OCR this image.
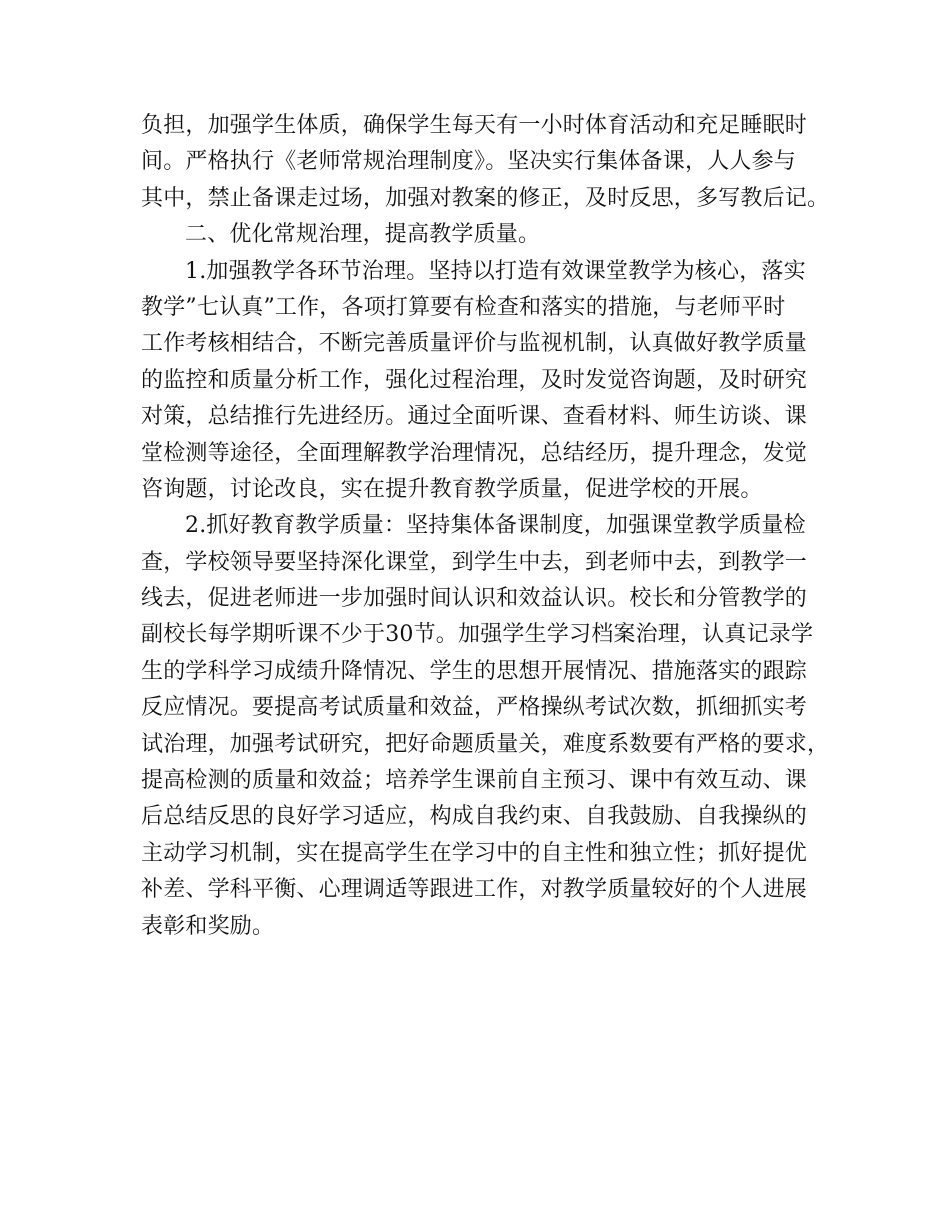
负担，加强学生体质，确保学生每天有一小时体育活动和充足睡眠时
间。严格执行《老师常规治理制度》。坚决实行集体备课，人人参与
其中，禁止备课走过场，加强对教案的修正，及时反思，多写教后记。
二、优化常规治理，提高教学质量。
1.加强教学各环节治理。坚持以打造有效课堂教学为核心，落实
教学”七认真”工作，各项打算要有检查和落实的措施，与老师平时
工作考核相结合，不断完善质量评价与监视机制，认真做好教学质量
的监控和质量分析工作，强化过程治理，及时发觉咨询题，及时研究
对策，总结推行先进经历。通过全面听课、查看材料、师生访谈、课
堂检测等途径，全面理解教学治理情况，总结经历，提升理念，发觉
咨询题，讨论改良，实在提升教育教学质量，促进学校的开展。
2.抓好教育教学质量：坚持集体备课制度，加强课堂教学质量检
查，学校领导要坚持深化课堂，到学生中去，到老师中去，到教学一
线去，促进老师进一步加强时间认识和效益认识。校长和分管教学的
副校长每学期听课不少于30节。加强学生学习档案治理，认真记录学
生的学科学习成绩升降情况、学生的思想开展情况、措施落实的跟踪
反应情况。要提高考试质量和效益，严格操纵考试次数，抓细抓实考
试治理，加强考试研究，把好命题质量关，难度系数要有严格的要求，
提高检测的质量和效益；培养学生课前自主预习、课中有效互动、课
后总结反思的良好学习适应，构成自我约束、自我鼓励、自我操纵的
主动学习机制，实在提高学生在学习中的自主性和独立性；抓好提优
补差、学科平衡、心理调适等跟进工作，对教学质量较好的个人进展
表彰和奖励。
